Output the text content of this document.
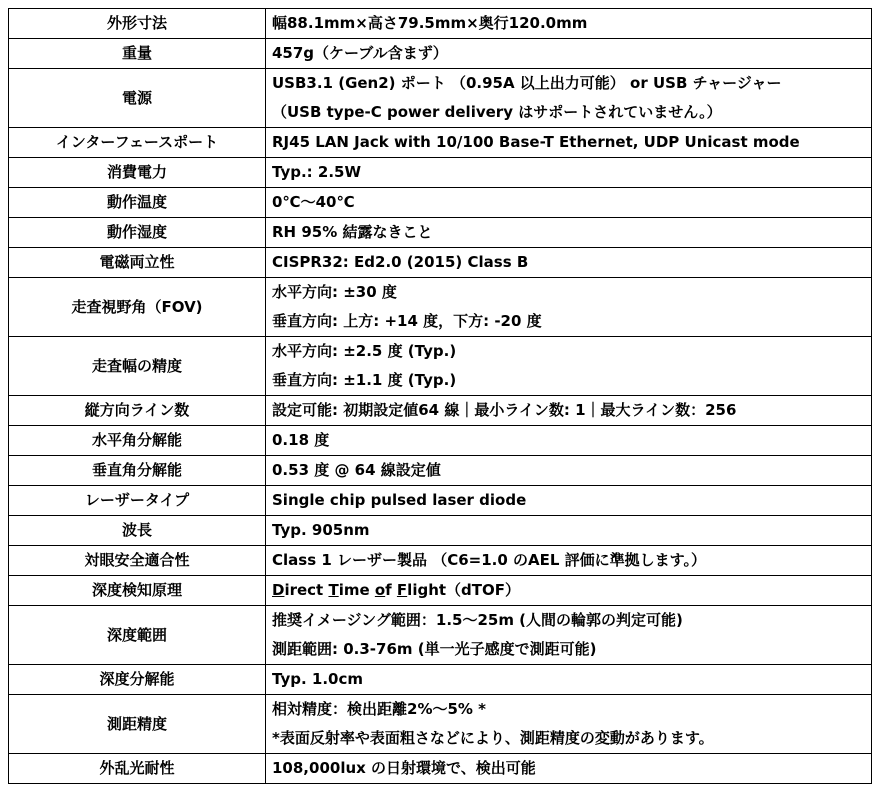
外形寸法	幅88.1mm×高さ79.5mm×奥行120.0mm

重量	457g（ケーブル含まず）

電源	USB3.1 (Gen2) ポート （0.95A 以上出力可能） or USB チャージャー
（USB type-C power delivery はサポートされていません。）

インターフェースポート	RJ45 LAN Jack with 10/100 Base-T Ethernet, UDP Unicast mode

消費電力	Typ.: 2.5W

動作温度	0℃～40℃

動作湿度	RH 95% 結露なきこと

電磁両立性	CISPR32: Ed2.0 (2015) Class B

走査視野角（FOV)	水平方向: ±30 度
垂直方向: 上方: +14 度，下方: -20 度

走査幅の精度	水平方向: ±2.5 度 (Typ.)
垂直方向: ±1.1 度 (Typ.)

縦方向ライン数	設定可能: 初期設定値64 線｜最小ライン数: 1｜最大ライン数：256

水平角分解能	0.18 度

垂直角分解能	0.53 度 @ 64 線設定値

レーザータイプ	Single chip pulsed laser diode

波長	Typ. 905nm

対眼安全適合性	Class 1 レーザー製品 （C6=1.0 のAEL 評価に準拠します。）

深度検知原理	Direct Time of Flight（dTOF）

深度範囲	推奨イメージング範囲：1.5～25m (人間の輪郭の判定可能)
測距範囲: 0.3-76m (単一光子感度で測距可能)

深度分解能	Typ. 1.0cm

測距精度	相対精度：検出距離2%～5% *
*表面反射率や表面粗さなどにより、測距精度の変動があります。

外乱光耐性	108,000lux の日射環境で、検出可能
